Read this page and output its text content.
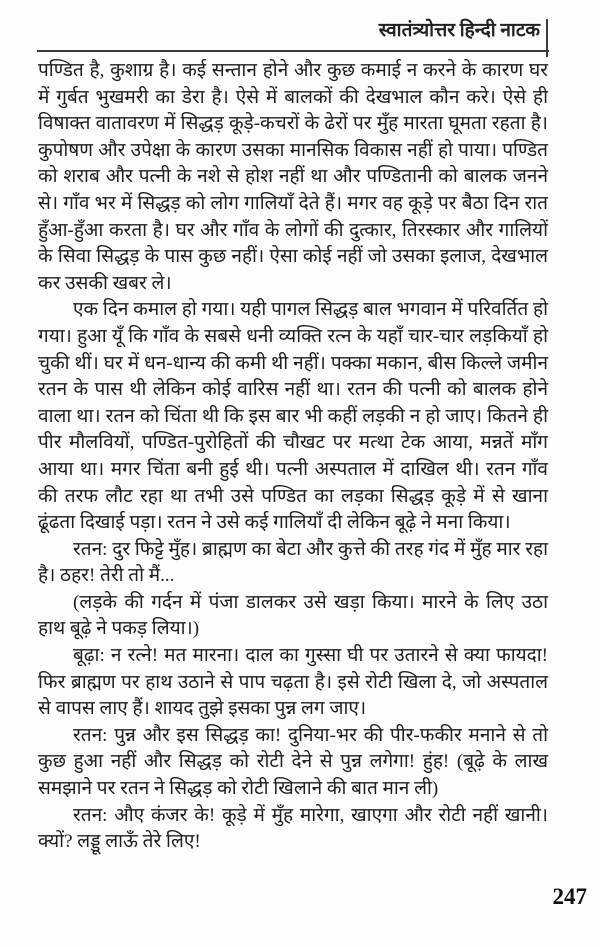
स्वातंत्र्योत्तर हिन्दी नाटक

पण्डित है, कुशाग्र है। कई सन्तान होने और कुछ कमाई न करने के कारण घर में गुर्बत भुखमरी का डेरा है। ऐसे में बालकों की देखभाल कौन करे। ऐसे ही विषाक्त वातावरण में सिद्धड़ कूड़े-कचरों के ढेरों पर मुँह मारता घूमता रहता है। कुपोषण और उपेक्षा के कारण उसका मानसिक विकास नहीं हो पाया। पण्डित को शराब और पत्नी के नशे से होश नहीं था और पण्डितानी को बालक जनने से। गाँव भर में सिद्धड़ को लोग गालियाँ देते हैं। मगर वह कूड़े पर बैठा दिन रात हुँआ-हुँआ करता है। घर और गाँव के लोगों की दुत्कार, तिरस्कार और गालियों के सिवा सिद्धड़ के पास कुछ नहीं। ऐसा कोई नहीं जो उसका इलाज, देखभाल कर उसकी खबर ले।

एक दिन कमाल हो गया। यही पागल सिद्धड़ बाल भगवान में परिवर्तित हो गया। हुआ यूँ कि गाँव के सबसे धनी व्यक्ति रत्न के यहाँ चार-चार लड़कियाँ हो चुकी थीं। घर में धन-धान्य की कमी थी नहीं। पक्का मकान, बीस किल्ले जमीन रतन के पास थी लेकिन कोई वारिस नहीं था। रतन की पत्नी को बालक होने वाला था। रतन को चिंता थी कि इस बार भी कहीं लड़की न हो जाए। कितने ही पीर मौलवियों, पण्डित-पुरोहितों की चौखट पर मत्था टेक आया, मन्नतें माँग आया था। मगर चिंता बनी हुई थी। पत्नी अस्पताल में दाखिल थी। रतन गाँव की तरफ लौट रहा था तभी उसे पण्डित का लड़का सिद्धड़ कूड़े में से खाना ढूंढता दिखाई पड़ा। रतन ने उसे कई गालियाँ दी लेकिन बूढ़े ने मना किया।

रतन: दुर फिट्टे मुँह। ब्राह्मण का बेटा और कुत्ते की तरह गंद में मुँह मार रहा है। ठहर! तेरी तो मैं...

(लड़के की गर्दन में पंजा डालकर उसे खड़ा किया। मारने के लिए उठा हाथ बूढ़े ने पकड़ लिया।)

बूढ़ा: न रत्ने! मत मारना। दाल का गुस्सा घी पर उतारने से क्या फायदा! फिर ब्राह्मण पर हाथ उठाने से पाप चढ़ता है। इसे रोटी खिला दे, जो अस्पताल से वापस लाए हैं। शायद तुझे इसका पुन्न लग जाए।

रतन: पुन्न और इस सिद्धड़ का! दुनिया-भर की पीर-फकीर मनाने से तो कुछ हुआ नहीं और सिद्धड़ को रोटी देने से पुन्न लगेगा! हुंह! (बूढ़े के लाख समझाने पर रतन ने सिद्धड़ को रोटी खिलाने की बात मान ली)

रतन: औए कंजर के! कूड़े में मुँह मारेगा, खाएगा और रोटी नहीं खानी। क्यों? लड्डू लाऊँ तेरे लिए!

247
